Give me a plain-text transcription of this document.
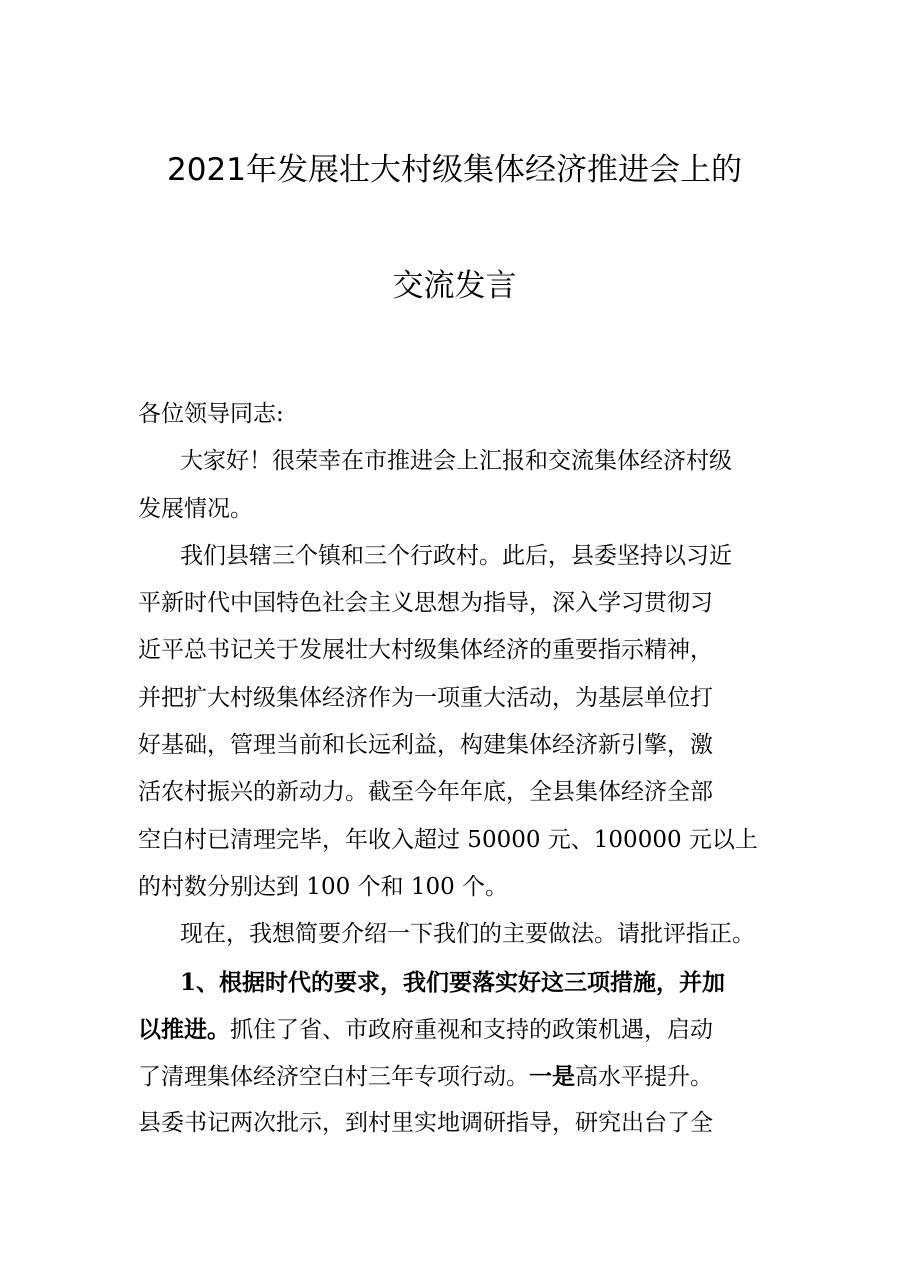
2021年发展壮大村级集体经济推进会上的
交流发言
各位领导同志:
大家好！很荣幸在市推进会上汇报和交流集体经济村级
发展情况。
我们县辖三个镇和三个行政村。此后，县委坚持以习近
平新时代中国特色社会主义思想为指导，深入学习贯彻习
近平总书记关于发展壮大村级集体经济的重要指示精神，
并把扩大村级集体经济作为一项重大活动，为基层单位打
好基础，管理当前和长远利益，构建集体经济新引擎，激
活农村振兴的新动力。截至今年年底，全县集体经济全部
空白村已清理完毕，年收入超过 50000 元、100000 元以上
的村数分别达到 100 个和 100 个。
现在，我想简要介绍一下我们的主要做法。请批评指正。
1、根据时代的要求，我们要落实好这三项措施，并加
以推进。抓住了省、市政府重视和支持的政策机遇，启动
了清理集体经济空白村三年专项行动。一是高水平提升。
县委书记两次批示，到村里实地调研指导，研究出台了全
